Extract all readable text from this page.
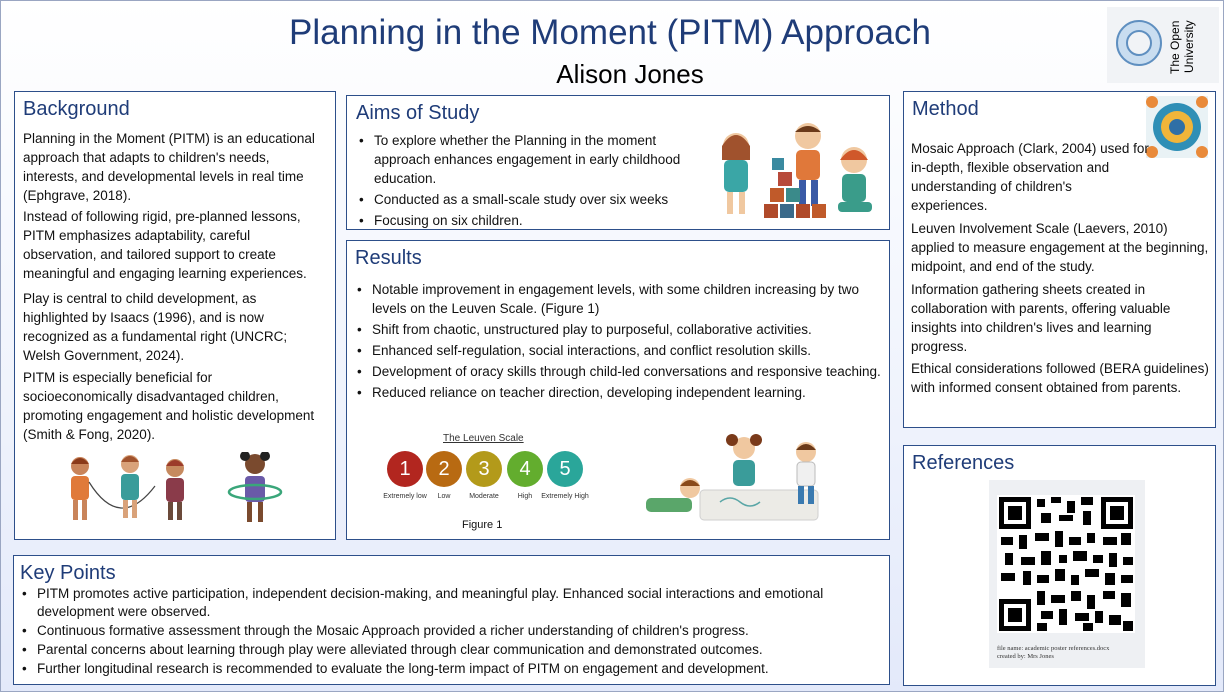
Planning in the Moment (PITM) Approach
Alison Jones
The Open University
Background
Planning in the Moment (PITM) is an educational approach that adapts to children's needs, interests, and developmental levels in real time (Ephgrave, 2018).
Instead of following rigid, pre-planned lessons, PITM emphasizes adaptability, careful observation, and tailored support to create meaningful and engaging learning experiences.
Play is central to child development, as highlighted by Isaacs (1996), and is now recognized as a fundamental right (UNCRC; Welsh Government, 2024).
PITM is especially beneficial for socioeconomically disadvantaged children, promoting engagement and holistic development (Smith & Fong, 2020).
Aims of Study
• To explore whether the Planning in the moment approach enhances engagement in early childhood education.
• Conducted as a small-scale study over six weeks
• Focusing on six children.
Results
• Notable improvement in engagement levels, with some children increasing by two levels on the Leuven Scale. (Figure 1)
• Shift from chaotic, unstructured play to purposeful, collaborative activities.
• Enhanced self-regulation, social interactions, and conflict resolution skills.
• Development of oracy skills through child-led conversations and responsive teaching.
• Reduced reliance on teacher direction, developing independent learning.
The Leuven Scale
1	2	3	4	5
Extremely low	Low	Moderate	High	Extremely High
Figure 1
Method
Mosaic Approach (Clark, 2004) used for in-depth, flexible observation and understanding of children's experiences.
Leuven Involvement Scale (Laevers, 2010) applied to measure engagement at the beginning, midpoint, and end of the study.
Information gathering sheets created in collaboration with parents, offering valuable insights into children's lives and learning progress.
Ethical considerations followed (BERA guidelines) with informed consent obtained from parents.
References
file name: academic poster references.docx
created by: Mrs Jones
Key Points
• PITM promotes active participation, independent decision-making, and meaningful play. Enhanced social interactions and emotional development were observed.
• Continuous formative assessment through the Mosaic Approach provided a richer understanding of children's progress.
• Parental concerns about learning through play were alleviated through clear communication and demonstrated outcomes.
• Further longitudinal research is recommended to evaluate the long-term impact of PITM on engagement and development.
